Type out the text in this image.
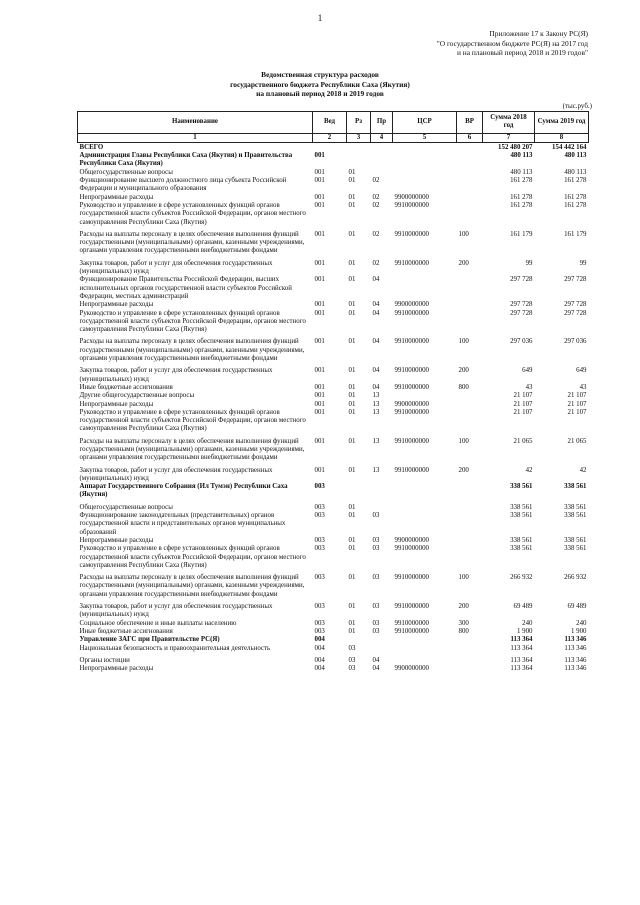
1
Приложение 17 к Закону РС(Я)
"О государственном бюджете РС(Я) на 2017 год
и на плановый период 2018 и 2019 годов"
Ведомственная структура расходов
государственного бюджета Республики Саха (Якутия)
на плановый период 2018 и 2019 годов
(тыс.руб.)
Наименование	Вед	Рз	Пр	ЦСР	ВР	Сумма 2018 год	Сумма 2019 год
1	2	3	4	5	6	7	8
ВСЕГО						152 480 207	154 442 164
Администрация Главы Республики Саха (Якутия) и Правительства Республики Саха (Якутия)	001					480 113	480 113
Общегосударственные вопросы	001	01				480 113	480 113
Функционирование высшего должностного лица субъекта Российской Федерации и муниципального образования	001	01	02			161 278	161 278
Непрограммные расходы	001	01	02	9900000000		161 278	161 278
Руководство и управление в сфере установленных функций органов государственной власти субъектов Российской Федерации, органов местного самоуправления Республики Саха (Якутия)	001	01	02	9910000000		161 278	161 278
Расходы на выплаты персоналу в целях обеспечения выполнения функций государственными (муниципальными) органами, казенными учреждениями, органами управления государственными внебюджетными фондами	001	01	02	9910000000	100	161 179	161 179
Закупка товаров, работ и услуг для обеспечения государственных (муниципальных) нужд	001	01	02	9910000000	200	99	99
Функционирование Правительства Российской Федерации, высших исполнительных органов государственной власти субъектов Российской Федерации, местных администраций	001	01	04			297 728	297 728
Непрограммные расходы	001	01	04	9900000000		297 728	297 728
Руководство и управление в сфере установленных функций органов государственной власти субъектов Российской Федерации, органов местного самоуправления Республики Саха (Якутия)	001	01	04	9910000000		297 728	297 728
Расходы на выплаты персоналу в целях обеспечения выполнения функций государственными (муниципальными) органами, казенными учреждениями, органами управления государственными внебюджетными фондами	001	01	04	9910000000	100	297 036	297 036
Закупка товаров, работ и услуг для обеспечения государственных (муниципальных) нужд	001	01	04	9910000000	200	649	649
Иные бюджетные ассигнования	001	01	04	9910000000	800	43	43
Другие общегосударственные вопросы	001	01	13			21 107	21 107
Непрограммные расходы	001	01	13	9900000000		21 107	21 107
Руководство и управление в сфере установленных функций органов государственной власти субъектов Российской Федерации, органов местного самоуправления Республики Саха (Якутия)	001	01	13	9910000000		21 107	21 107
Расходы на выплаты персоналу в целях обеспечения выполнения функций государственными (муниципальными) органами, казенными учреждениями, органами управления государственными внебюджетными фондами	001	01	13	9910000000	100	21 065	21 065
Закупка товаров, работ и услуг для обеспечения государственных (муниципальных) нужд	001	01	13	9910000000	200	42	42
Аппарат Государственного Собрания (Ил Тумэн) Республики Саха (Якутия)	003					338 561	338 561
Общегосударственные вопросы	003	01				338 561	338 561
Функционирование законодательных (представительных) органов государственной власти и представительных органов муниципальных образований	003	01	03			338 561	338 561
Непрограммные расходы	003	01	03	9900000000		338 561	338 561
Руководство и управление в сфере установленных функций органов государственной власти субъектов Российской Федерации, органов местного самоуправления Республики Саха (Якутия)	003	01	03	9910000000		338 561	338 561
Расходы на выплаты персоналу в целях обеспечения выполнения функций государственными (муниципальными) органами, казенными учреждениями, органами управления государственными внебюджетными фондами	003	01	03	9910000000	100	266 932	266 932
Закупка товаров, работ и услуг для обеспечения государственных (муниципальных) нужд	003	01	03	9910000000	200	69 489	69 489
Социальное обеспечение и иные выплаты населению	003	01	03	9910000000	300	240	240
Иные бюджетные ассигнования	003	01	03	9910000000	800	1 900	1 900
Управление ЗАГС при Правительстве РС(Я)	004					113 364	113 346
Национальная безопасность и правоохранительная деятельность	004	03				113 364	113 346
Органы юстиции	004	03	04			113 364	113 346
Непрограммные расходы	004	03	04	9900000000		113 364	113 346
